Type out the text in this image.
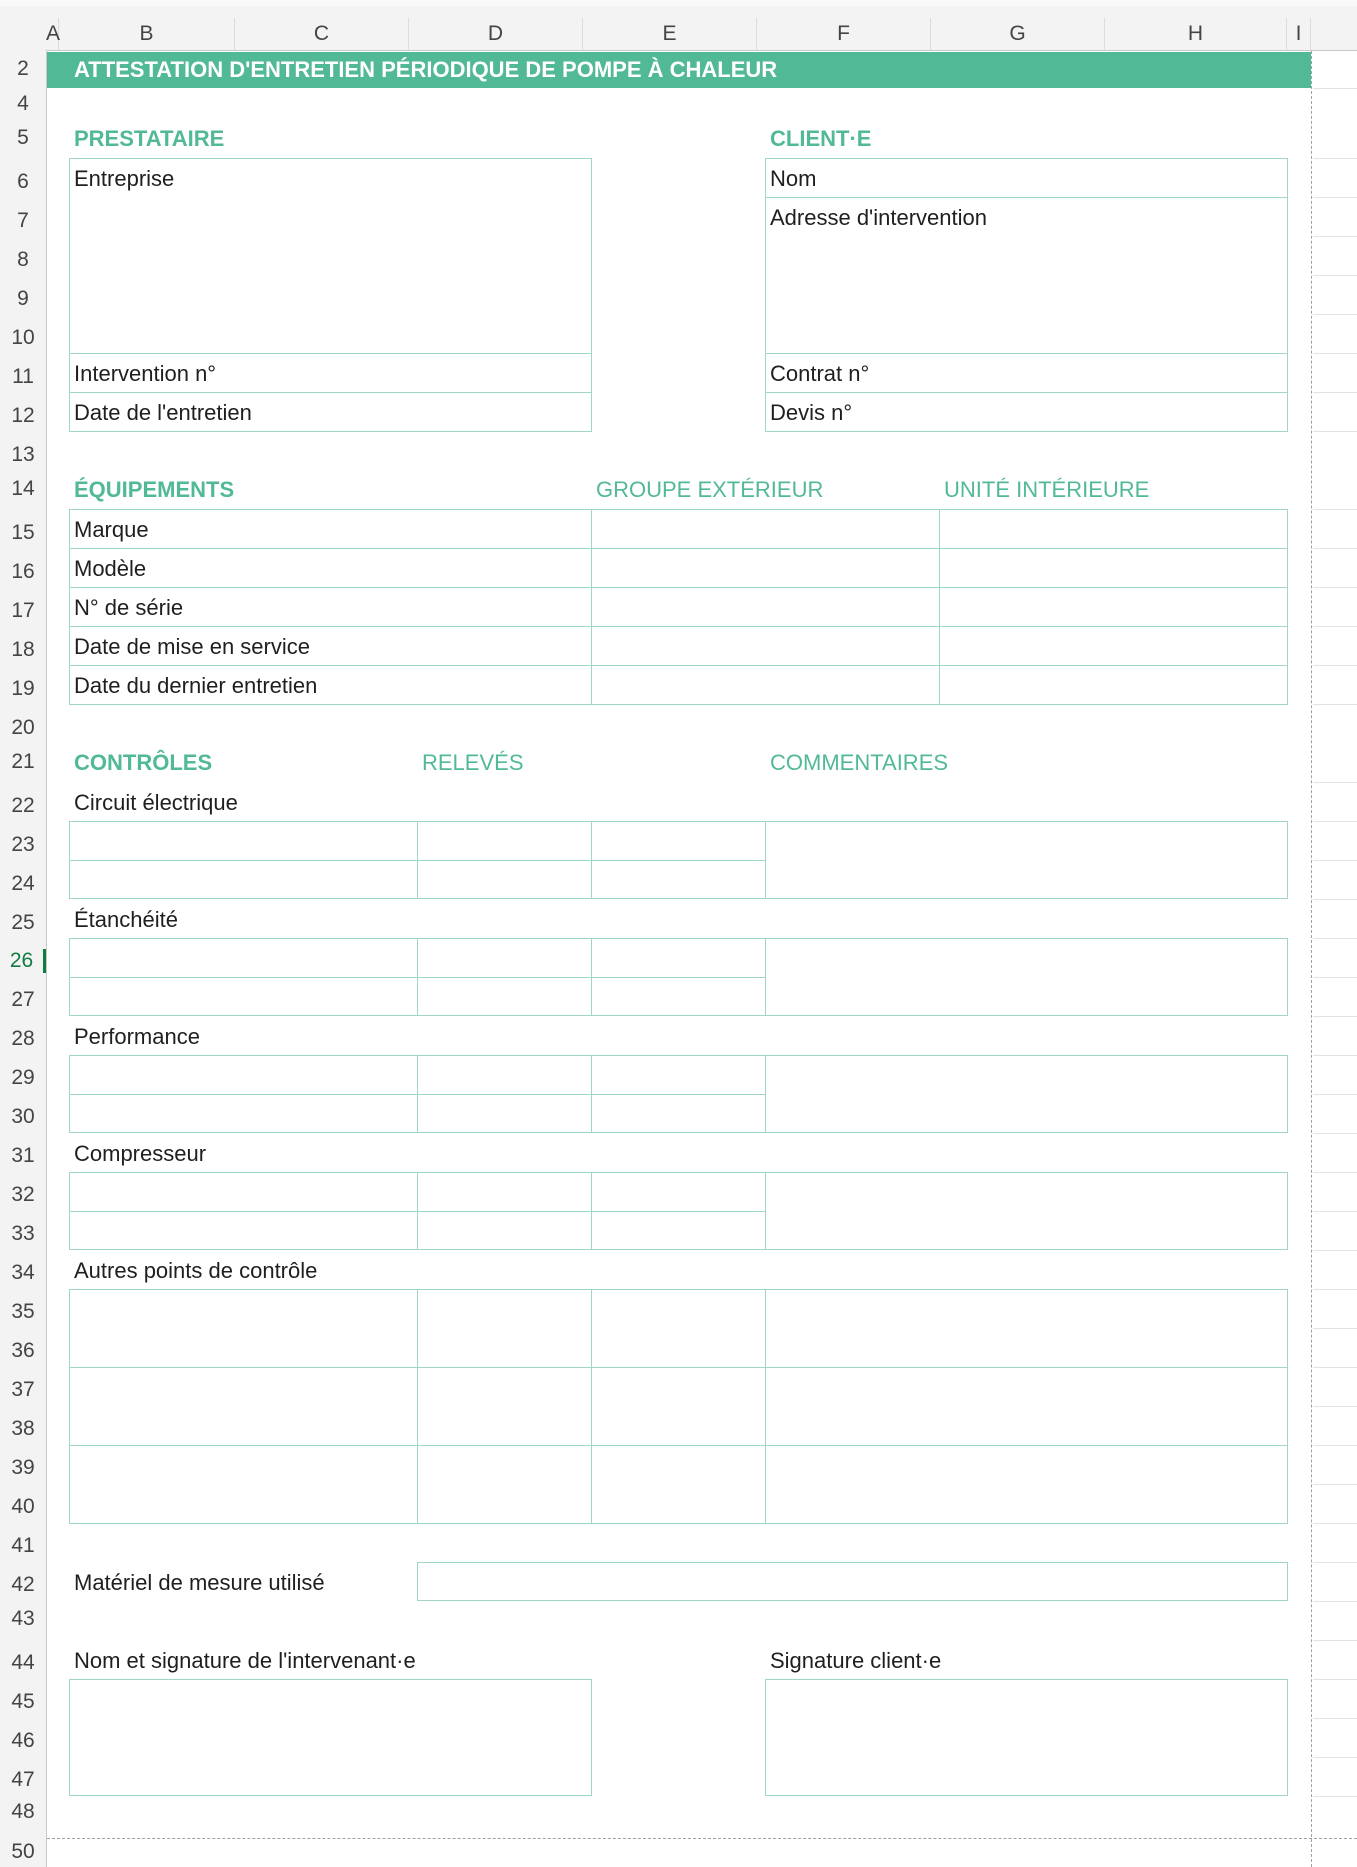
A	B	C	D	E	F	G	H	I
2
4
5
6
7
8
9
10
11
12
13
14
15
16
17
18
19
20
21
22
23
24
25
26
27
28
29
30
31
32
33
34
35
36
37
38
39
40
41
42
43
44
45
46
47
48
50
ATTESTATION D'ENTRETIEN PÉRIODIQUE DE POMPE À CHALEUR
PRESTATAIRE
Entreprise
Intervention n°
Date de l'entretien
CLIENT·E
Nom
Adresse d'intervention
Contrat n°
Devis n°
ÉQUIPEMENTS	GROUPE EXTÉRIEUR	UNITÉ INTÉRIEURE
Marque
Modèle
N° de série
Date de mise en service
Date du dernier entretien
CONTRÔLES	RELEVÉS	COMMENTAIRES
Circuit électrique
Étanchéité
Performance
Compresseur
Autres points de contrôle
Matériel de mesure utilisé
Nom et signature de l'intervenant·e	Signature client·e
